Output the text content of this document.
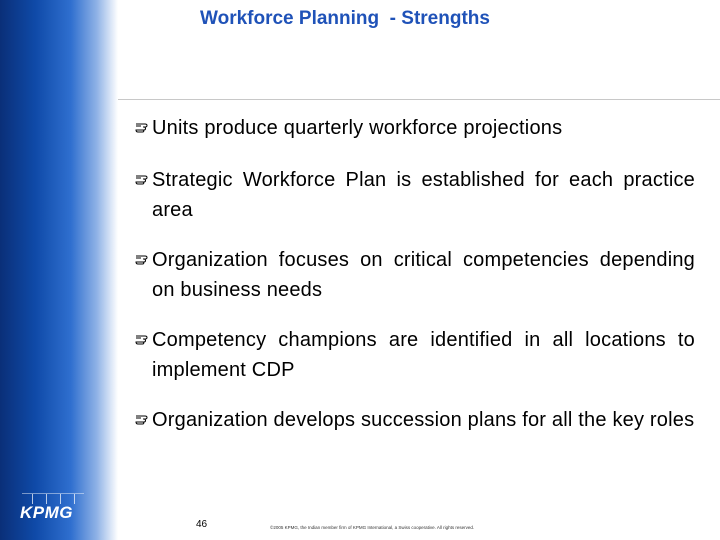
Workforce Planning  - Strengths
Units produce quarterly workforce projections
Strategic Workforce Plan is established for each practice area
Organization focuses on critical competencies depending on business needs
Competency champions are identified in all locations to implement CDP
Organization develops succession plans for all the key roles
KPMG
46	©2005 KPMG, the Indian member firm of KPMG International, a Swiss cooperative. All rights reserved.
